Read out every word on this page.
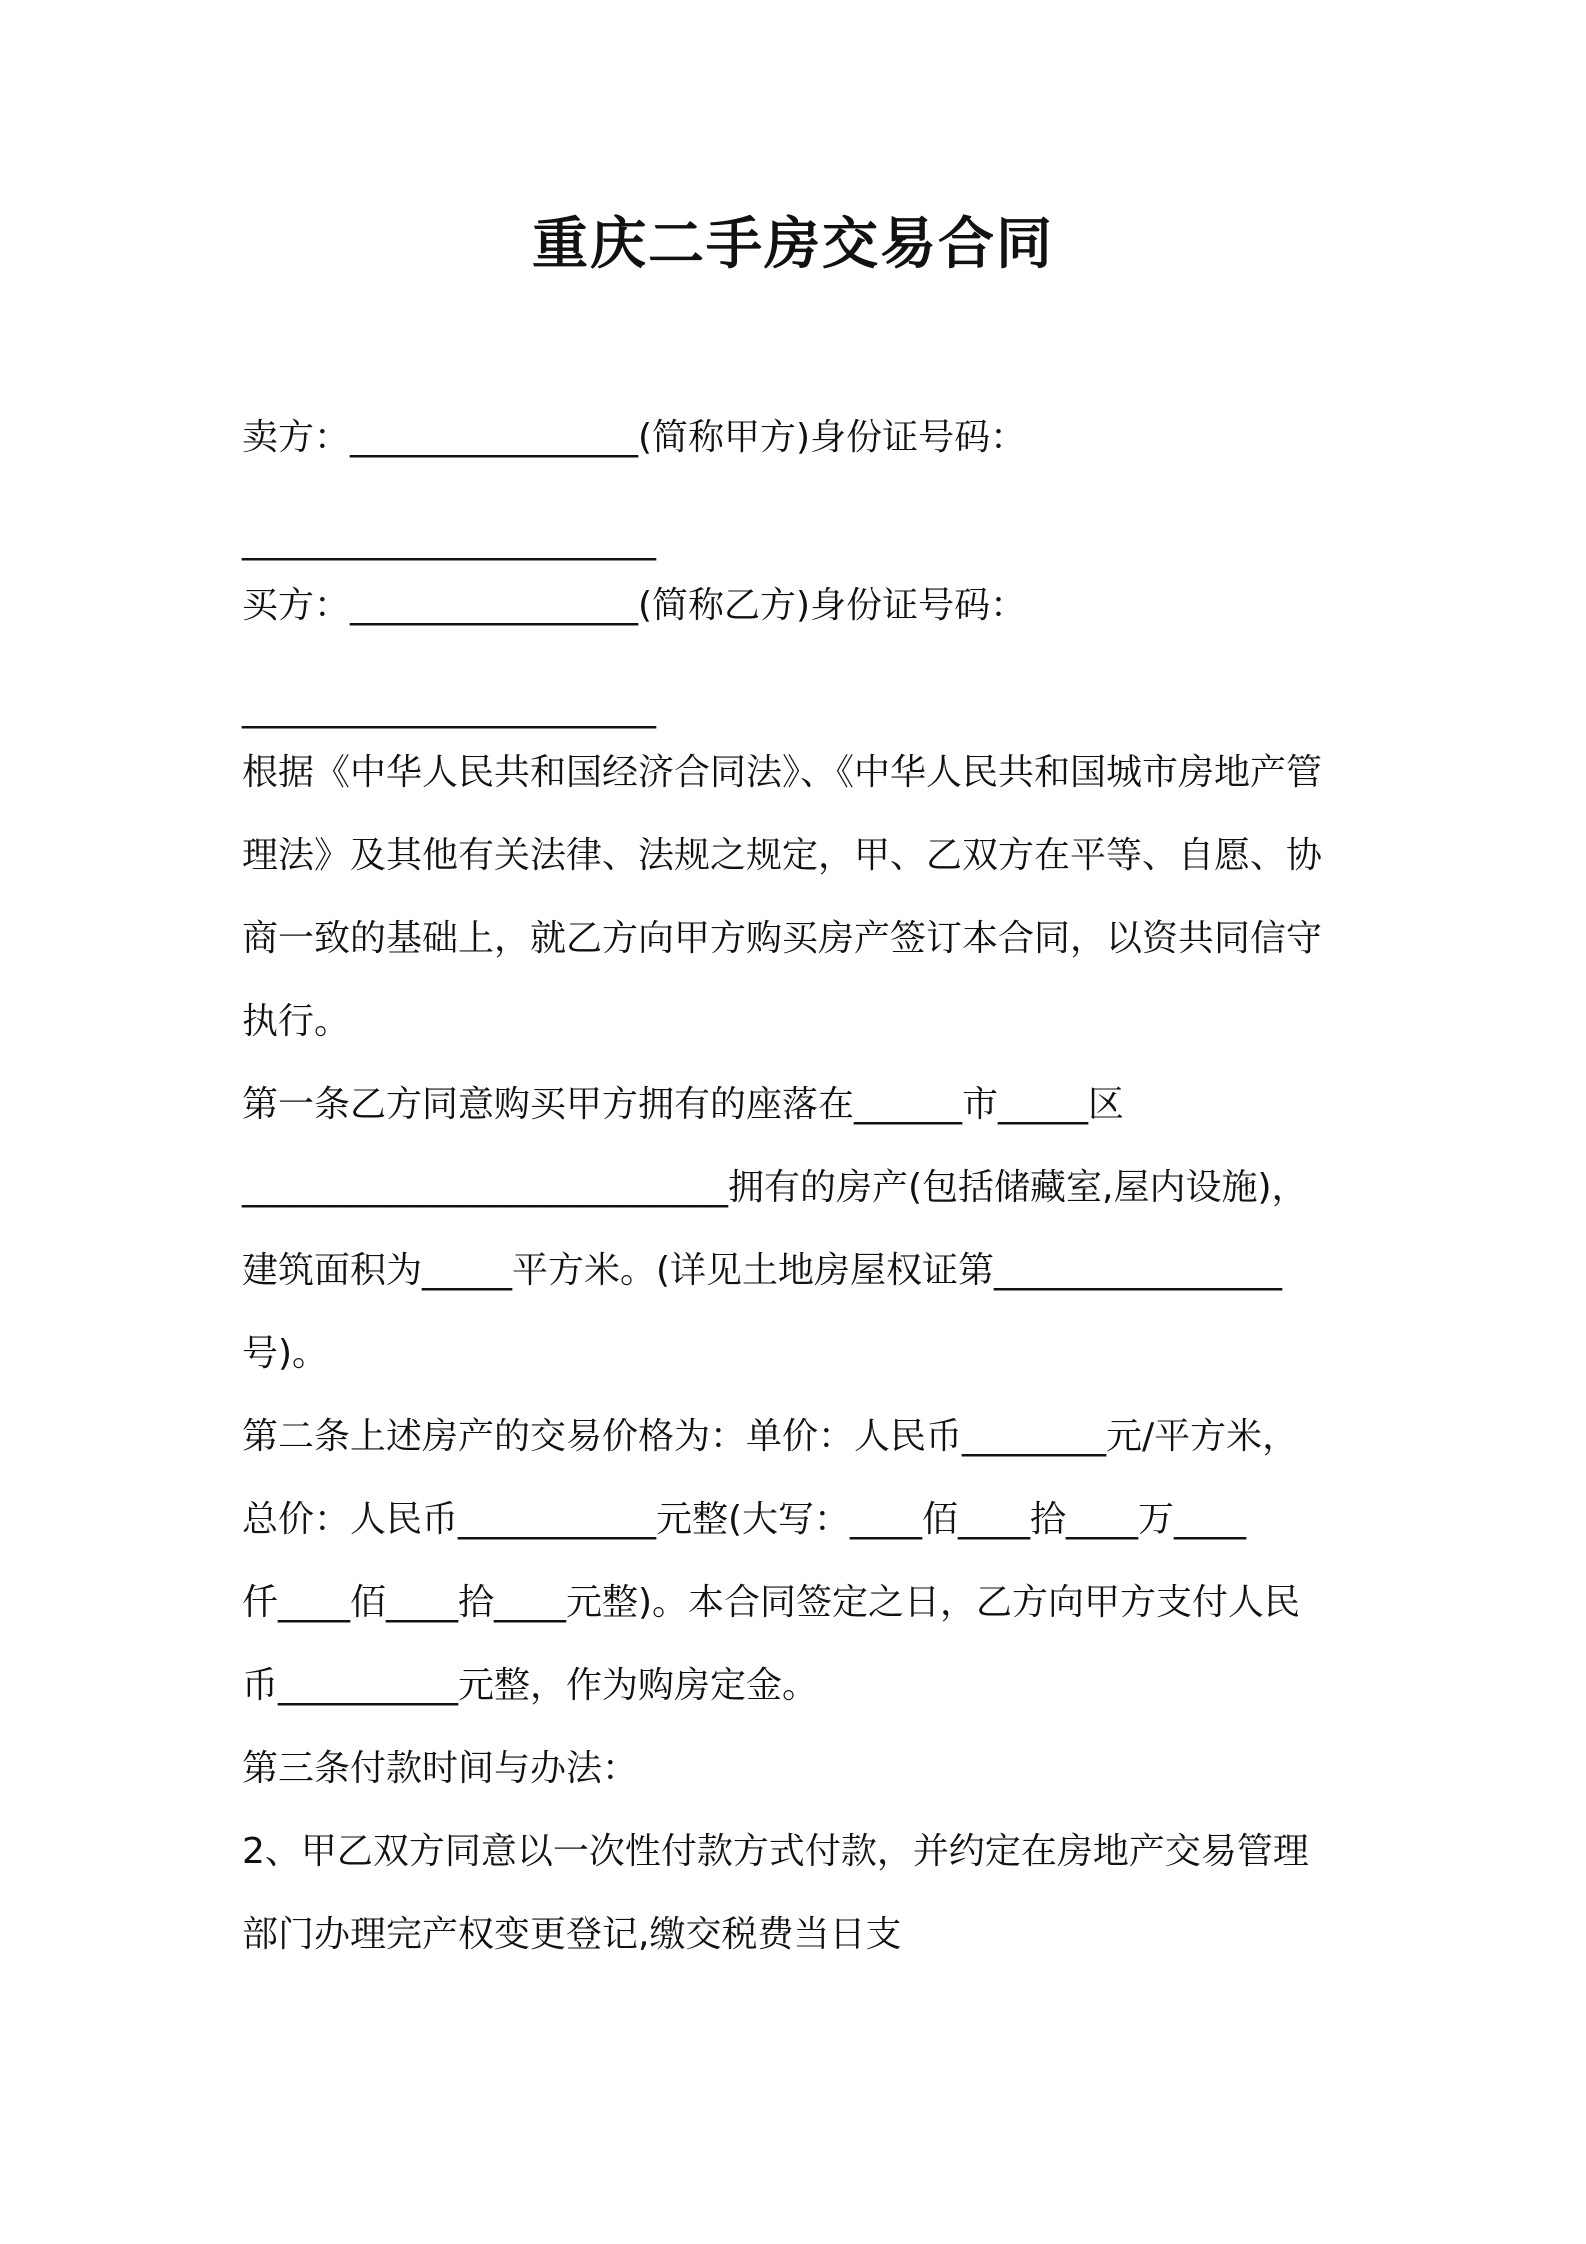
重庆二手房交易合同
卖方：________________(简称甲方)身份证号码：
_______________________
买方：________________(简称乙方)身份证号码：
_______________________
根据《中华人民共和国经济合同法》、《中华人民共和国城市房地产管
理法》及其他有关法律、法规之规定，甲、乙双方在平等、自愿、协
商一致的基础上，就乙方向甲方购买房产签订本合同，以资共同信守
执行。
第一条乙方同意购买甲方拥有的座落在______市_____区
___________________________拥有的房产(包括储藏室,屋内设施)，
建筑面积为_____平方米。(详见土地房屋权证第________________
号)。
第二条上述房产的交易价格为：单价：人民币________元/平方米，
总价：人民币___________元整(大写：____佰____拾____万____
仟____佰____拾____元整)。本合同签定之日，乙方向甲方支付人民
币__________元整，作为购房定金。
第三条付款时间与办法：
2、甲乙双方同意以一次性付款方式付款，并约定在房地产交易管理
部门办理完产权变更登记,缴交税费当日支
